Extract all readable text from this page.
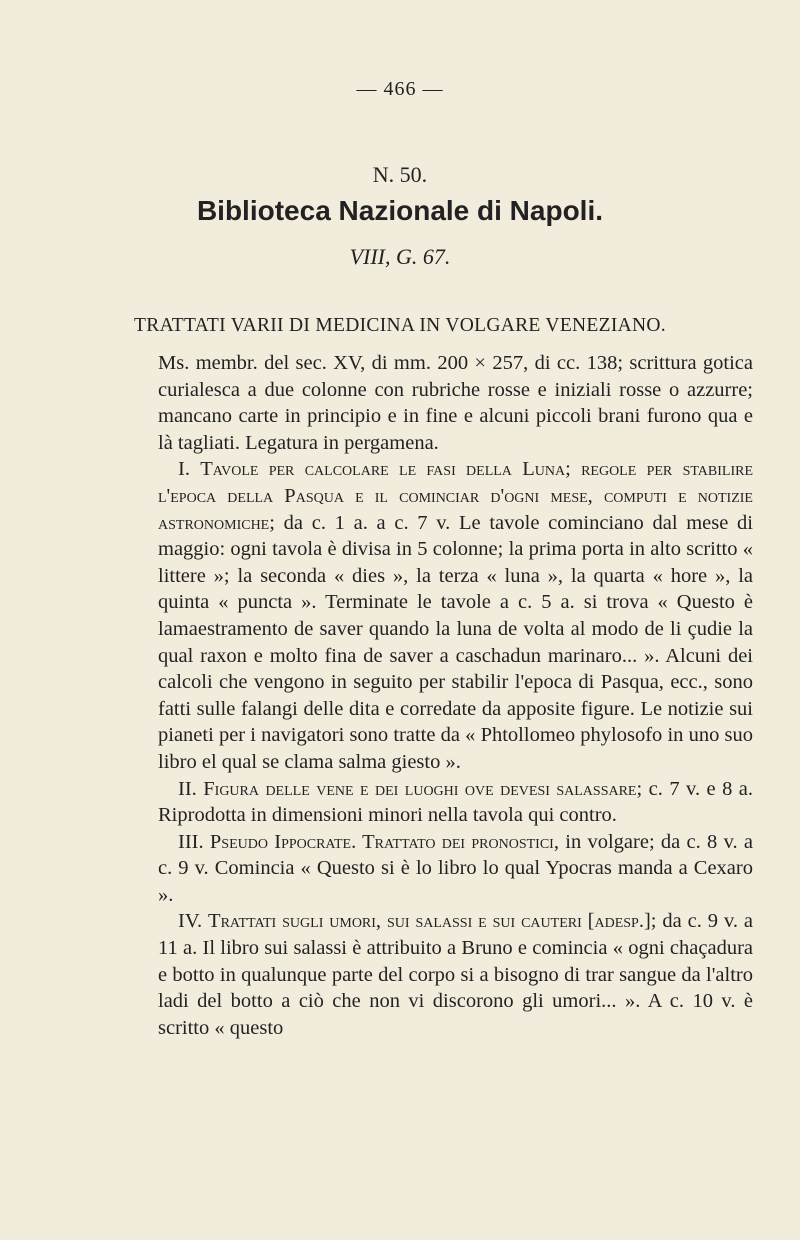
— 466 —
N. 50.
Biblioteca Nazionale di Napoli.
VIII, G. 67.
TRATTATI VARII DI MEDICINA IN VOLGARE VENEZIANO.

Ms. membr. del sec. XV, di mm. 200 × 257, di cc. 138; scrittura gotica curialesca a due colonne con rubriche rosse e iniziali rosse o azzurre; mancano carte in principio e in fine e alcuni piccoli brani furono qua e là tagliati. Legatura in pergamena.

I. Tavole per calcolare le fasi della Luna; regole per stabilire l'epoca della Pasqua e il cominciar d'ogni mese, computi e notizie astronomiche; da c. 1 a. a c. 7 v. Le tavole cominciano dal mese di maggio: ogni tavola è divisa in 5 colonne; la prima porta in alto scritto « littere »; la seconda « dies », la terza « luna », la quarta « hore », la quinta « puncta ». Terminate le tavole a c. 5 a. si trova « Questo è lamaestramento de saver quando la luna de volta al modo de li çudie la qual raxon e molto fina de saver a caschadun marinaro... ». Alcuni dei calcoli che vengono in seguito per stabilir l'epoca di Pasqua, ecc., sono fatti sulle falangi delle dita e corredate da apposite figure. Le notizie sui pianeti per i navigatori sono tratte da « Phtollomeo phylosofo in uno suo libro el qual se clama salma giesto ».

II. Figura delle vene e dei luoghi ove devesi salassare; c. 7 v. e 8 a. Riprodotta in dimensioni minori nella tavola qui contro.

III. Pseudo Ippocrate. Trattato dei pronostici, in volgare; da c. 8 v. a c. 9 v. Comincia « Questo si è lo libro lo qual Ypocras manda a Cexaro ».

IV. Trattati sugli umori, sui salassi e sui cauteri [adesp.]; da c. 9 v. a 11 a. Il libro sui salassi è attribuito a Bruno e comincia « ogni chaçadura e botto in qualunque parte del corpo si a bisogno di trar sangue da l'altro ladi del botto a ciò che non vi discorono gli umori... ». A c. 10 v. è scritto « questo
